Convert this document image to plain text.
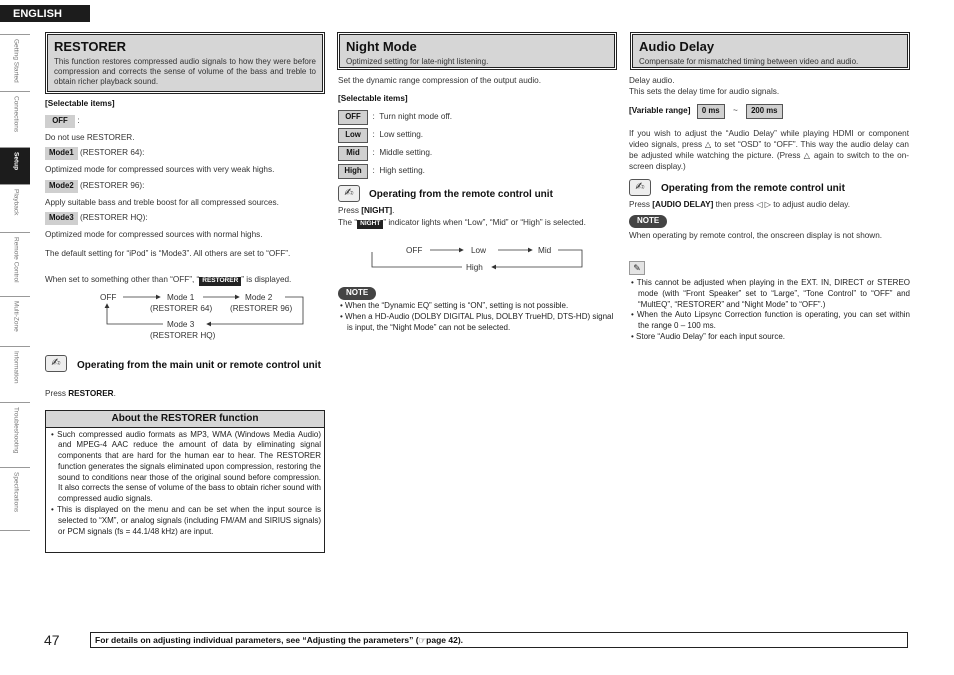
ENGLISH
Getting Started
Connections
Setup
Playback
Remote Control
Multi-Zone
Information
Troubleshooting
Specifications
RESTORER

This function restores compressed audio signals to how they were before compression and corrects the sense of volume of the bass and treble to obtain richer playback sound.

[Selectable items]
OFF :
Do not use RESTORER.
Mode1 (RESTORER 64):
Optimized mode for compressed sources with very weak highs.
Mode2 (RESTORER 96):
Apply suitable bass and treble boost for all compressed sources.
Mode3 (RESTORER HQ):
Optimized mode for compressed sources with normal highs.
The default setting for “iPod” is “Mode3”. All others are set to “OFF”.
When set to something other than “OFF”, “ RESTORER ” is displayed.
OFF	Mode 1
(RESTORER 64)
Mode 2
(RESTORER 96)
Mode 3
(RESTORER HQ)
✍	Operating from the main unit or remote control unit
Press RESTORER.
About the RESTORER function
• Such compressed audio formats as MP3, WMA (Windows Media Audio) and MPEG-4 AAC reduce the amount of data by eliminating signal components that are hard for the human ear to hear. The RESTORER function generates the signals eliminated upon compression, restoring the sound to conditions near those of the original sound before compression. It also corrects the sense of volume of the bass to obtain richer sound with compressed audio signals.
• This is displayed on the menu and can be set when the input source is selected to “XM”, or analog signals (including FM/AM and SIRIUS signals) or PCM signals (fs = 44.1/48 kHz) are input.
Night Mode

Optimized setting for late-night listening.

Set the dynamic range compression of the output audio.
[Selectable items]
OFF  :  Turn night mode off.
Low  :  Low setting.
Mid  :  Middle setting.
High  :  High setting.
✍	Operating from the remote control unit
Press [NIGHT].
The “ NIGHT ” indicator lights when “Low”, “Mid” or “High” is selected.
OFF	Low	Mid
High
NOTE
• When the “Dynamic EQ” setting is “ON”, setting is not possible.
• When a HD-Audio (DOLBY DIGITAL Plus, DOLBY TrueHD, DTS-HD) signal is input, the “Night Mode” can not be selected.
Audio Delay

Compensate for mismatched timing between video and audio.

Delay audio.
This sets the delay time for audio signals.
[Variable range] 0 ms ~ 200 ms
If you wish to adjust the “Audio Delay” while playing HDMI or component video signals, press △ to set “OSD” to “OFF”. This way the audio delay can be adjusted while watching the picture. (Press △ again to switch to the on-screen display.)
✍	Operating from the remote control unit
Press [AUDIO DELAY] then press ◁ ▷ to adjust audio delay.
NOTE
When operating by remote control, the onscreen display is not shown.
✎
• This cannot be adjusted when playing in the EXT. IN, DIRECT or STEREO mode (with “Front Speaker” set to “Large”, “Tone Control” to “OFF” and “MultEQ”, “RESTORER” and “Night Mode” to “OFF”.)
• When the Auto Lipsync Correction function is operating, you can set within the range 0 – 100 ms.
• Store “Audio Delay” for each input source.
47	For details on adjusting individual parameters, see “Adjusting the parameters” (☞page 42).
